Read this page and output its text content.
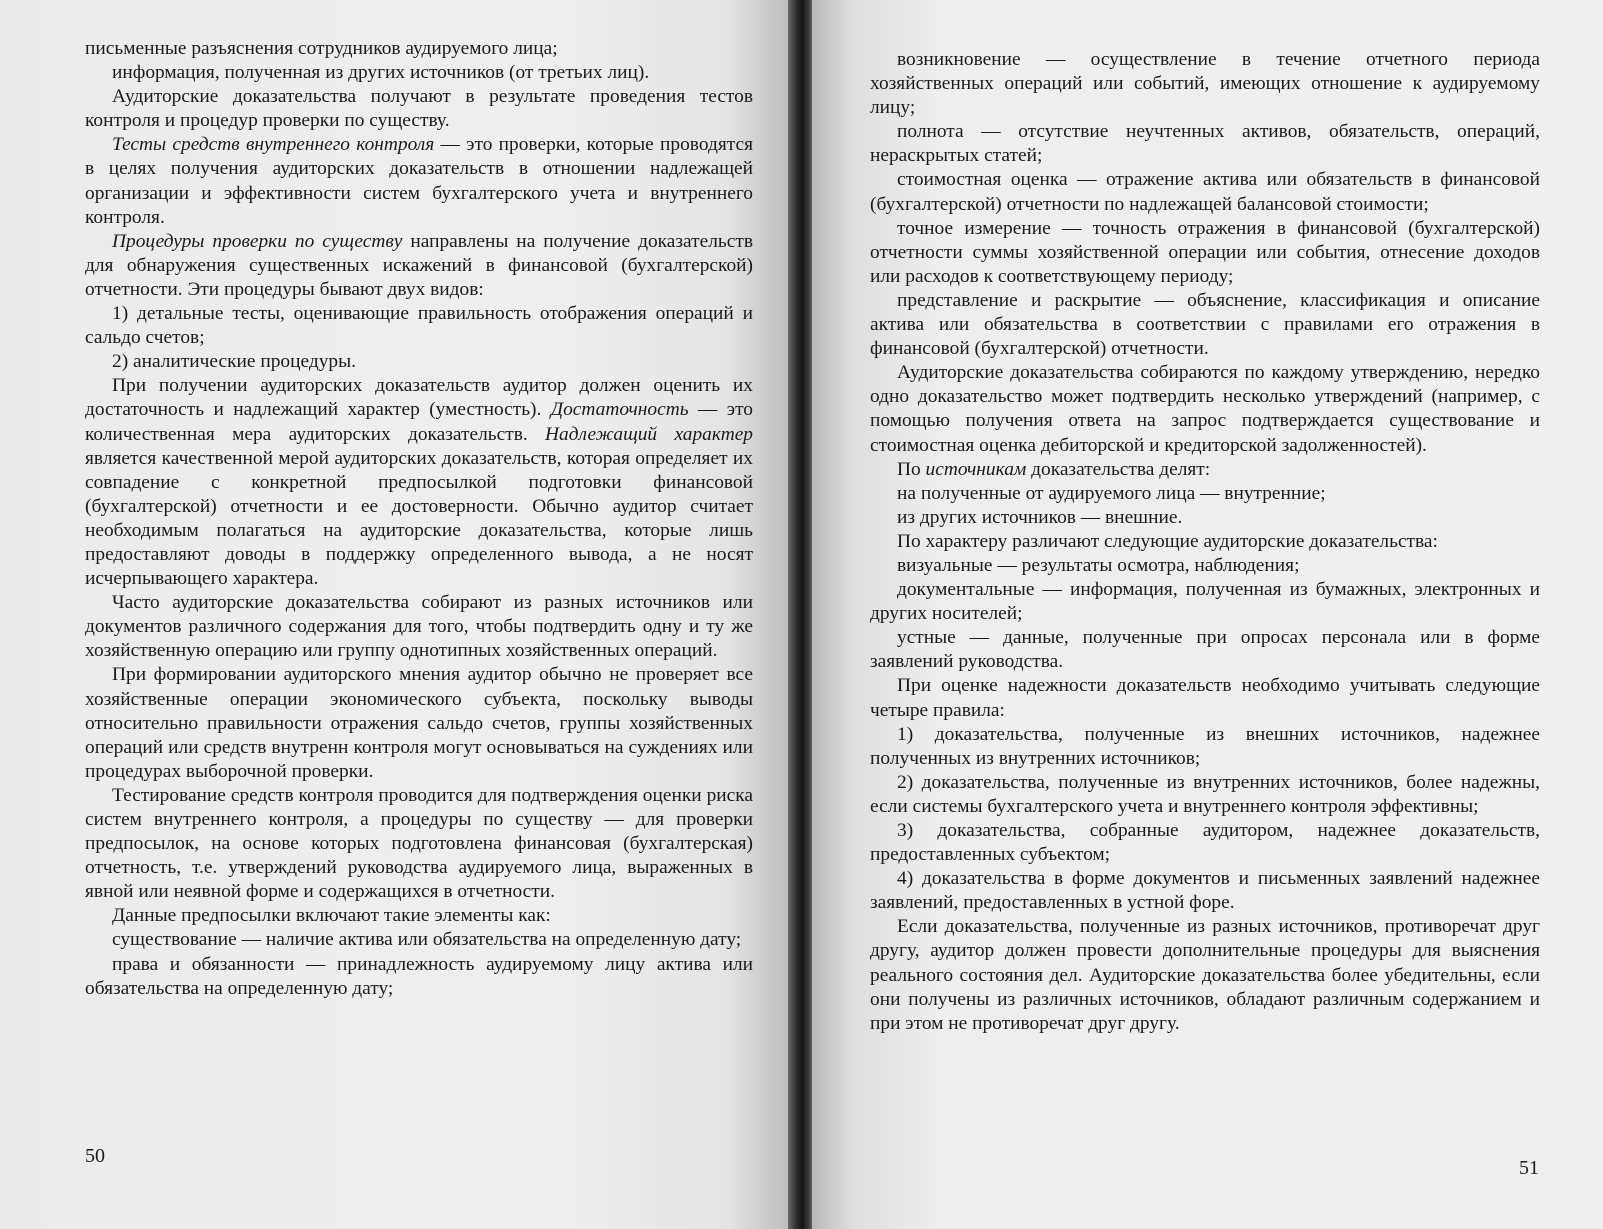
письменные разъяснения сотрудников аудируемого лица;

информация, полученная из других источников (от третьих лиц).

Аудиторские доказательства получают в результате проведения тестов контроля и процедур проверки по существу.

Тесты средств внутреннего контроля — это проверки, которые проводятся в целях получения аудиторских доказательств в отношении надлежащей организации и эффективности систем бухгалтерского учета и внутреннего контроля.

Процедуры проверки по существу направлены на получение доказательств для обнаружения существенных искажений в финансовой (бухгалтерской) отчетности. Эти процедуры бывают двух видов:

1) детальные тесты, оценивающие правильность отображения операций и сальдо счетов;

2) аналитические процедуры.

При получении аудиторских доказательств аудитор должен оценить их достаточность и надлежащий характер (уместность). Достаточность — это количественная мера аудиторских доказательств. Надлежащий характер является качественной мерой аудиторских доказательств, которая определяет их совпадение с конкретной предпосылкой подготовки финансовой (бухгалтерской) отчетности и ее достоверности. Обычно аудитор считает необходимым полагаться на аудиторские доказательства, которые лишь предоставляют доводы в поддержку определенного вывода, а не носят исчерпывающего характера.

Часто аудиторские доказательства собирают из разных источников или документов различного содержания для того, чтобы подтвердить одну и ту же хозяйственную операцию или группу однотипных хозяйственных операций.

При формировании аудиторского мнения аудитор обычно не проверяет все хозяйственные операции экономического субъекта, поскольку выводы относительно правильности отражения сальдо счетов, группы хозяйственных операций или средств внутренн контроля могут основываться на суждениях или процедурах выборочной проверки.

Тестирование средств контроля проводится для подтверждения оценки риска систем внутреннего контроля, а процедуры по существу — для проверки предпосылок, на основе которых подготовлена финансовая (бухгалтерская) отчетность, т.е. утверждений руководства аудируемого лица, выраженных в явной или неявной форме и содержащихся в отчетности.

Данные предпосылки включают такие элементы как:

существование — наличие актива или обязательства на определенную дату;

права и обязанности — принадлежность аудируемому лицу актива или обязательства на определенную дату;

50

возникновение — осуществление в течение отчетного периода хозяйственных операций или событий, имеющих отношение к аудируемому лицу;

полнота — отсутствие неучтенных активов, обязательств, операций, нераскрытых статей;

стоимостная оценка — отражение актива или обязательств в финансовой (бухгалтерской) отчетности по надлежащей балансовой стоимости;

точное измерение — точность отражения в финансовой (бухгалтерской) отчетности суммы хозяйственной операции или события, отнесение доходов или расходов к соответствующему периоду;

представление и раскрытие — объяснение, классификация и описание актива или обязательства в соответствии с правилами его отражения в финансовой (бухгалтерской) отчетности.

Аудиторские доказательства собираются по каждому утверждению, нередко одно доказательство может подтвердить несколько утверждений (например, с помощью получения ответа на запрос подтверждается существование и стоимостная оценка дебиторской и кредиторской задолженностей).

По источникам доказательства делят:

на полученные от аудируемого лица — внутренние;

из других источников — внешние.

По характеру различают следующие аудиторские доказательства:

визуальные — результаты осмотра, наблюдения;

документальные — информация, полученная из бумажных, электронных и других носителей;

устные — данные, полученные при опросах персонала или в форме заявлений руководства.

При оценке надежности доказательств необходимо учитывать следующие четыре правила:

1) доказательства, полученные из внешних источников, надежнее полученных из внутренних источников;

2) доказательства, полученные из внутренних источников, более надежны, если системы бухгалтерского учета и внутреннего контроля эффективны;

3) доказательства, собранные аудитором, надежнее доказательств, предоставленных субъектом;

4) доказательства в форме документов и письменных заявлений надежнее заявлений, предоставленных в устной форе.

Если доказательства, полученные из разных источников, противоречат друг другу, аудитор должен провести дополнительные процедуры для выяснения реального состояния дел. Аудиторские доказательства более убедительны, если они получены из различных источников, обладают различным содержанием и при этом не противоречат друг другу.

51
